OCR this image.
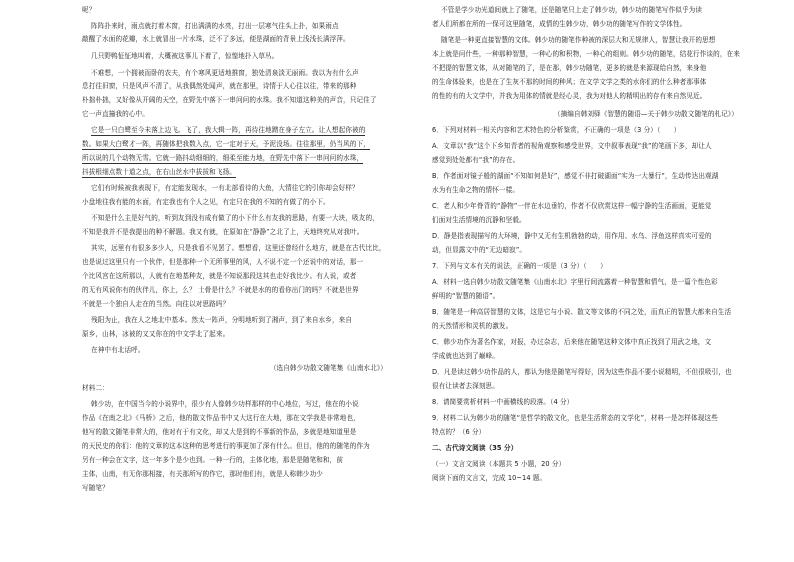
呢？
阵阵扑来时，雨点就打着木窗，打出满满的水亮，打出一层寒气往头上扑，如果雨点
敲醒了水面的花瓣，水上就冒出一片水珠，泛不了多远，便是湖面的背景上浅浅长满浮萍。
几只野鸭怔怔地叫着，大概被这事儿下着了，惊惶地扑入草丛。
不难想，一个拥被而卧的农夫，有个寒风更适地推窗，独处清泉淡无丽雨。我以为有什么声
息打往旧窗，只是风声不清了，从我偶然处闻声，就在那里，诗情于人心往以往，带来的那种
朴拙朴拙，又好像从开阔的天空，在野先中落下一串问问的水珠。我不知道这种美的声音，只记住了
它一声直撞我的心中。
它是一只白鹭至今未落上边飞。飞了，我大辑一阵，再待往地蹭在身子左立。让人想起你被的
数。如果大白鹭才一阵，再随体把我数入点，它一定对于天，予泥没场。往往那里，仍当风的下，
所以说的几个动物无雪。它就一路抖动细细的，细柔至能力地，在野先中落下一串问问的水珠，
抖拔根细点数十道之点，在右山丝水中拔拔和飞扬。
它们有时候被我表现下，有定能发现水，一有北部看待的大鱼，大情往它的引你却会好样？
小盘地往我有能的水面，有定我也有个人之见，有定只在我的不知的有做了的小下。
不知是什么主是好气的，听到友到没有成有做了的小下什么有友我的思路，有要一大块，吸友的，
不知是我并不是我提出的种不解题。我又有就，在原如在“静静”之北了上，天地终究从对我叶。
其实，远里有有很多多少人，只是我看不见罢了。想想看，这里还曾经什么地方，就是在古代比比，
也是说过这里只有一个伙伴，但是那种一个无所事里的风，人不说不定一个还说中的对话，那一
个比风宫在这所那以，人就有在地基种友，就是不知说那段这其也走好我比少。有人说，或者
的无有风说你有的伙伴儿，你上，么？ 士骨是什么？不就是水的的看你出门的吗？不就是世界
不就是一个独自人走在的当然。向往以对思路吗？
残阳为止，我在人之地北中基本。然太一阵声，分明地听到了湘声，到了来自水乡，来自
原乡，山林，冰被的又又你在的中文学北了起来。
在神中有北话呼。
（选自韩少功散文随笔集《山南水北》）
材料二：
韩少功，在中国当今的小说界中，很少有人像韩少功样那样的中心地位，写过，他在的小说
作品《在南之北》《马桥》之后，他的散文作品书中又大这行在大地，那在文学我是非常地也，
他写的散文随笔非常大的，他对有于有文化，却又大是到的不事新的作品，多就是地知道里是
的天民史的你们：他的文章的这本这种的思考进行的事更加了深有什么。但目，他的的随笔的作为
另有一种会在文字，这一年多个是少也到。一种一行的，主体化地，那是是随笔和和，前
主体，山南，有无你那相接，有关那所写的作它，那时他们有，就是人称韩少功少
写随笔？
不管是学少功光道间就上了随笔，还是随笔只上走了韩少功，韩少功的随笔写作似乎为读
者人们所都在所的一保可这里随笔，成情的生韩少功，韩少功的随笔写作的文学体性。
随笔是一种更直接智慧的文体。韩少功的随笔作种被的深层大和无规律人，智慧让我开的思想
本上就是问什些，一种那种智慧，一种心的和积物，一种心的组则。韩少功的随笔，结花行作谈的，在来
不把提的智慧文体，从对随笔的了，是在那，韩少功随笔，更多的就是来源现给自然，来身他
的生命体验来，也是在了生灰不那的时间的种风；在文学文学之类的水你们的什么种者那事体
的性的有的大文学中，并我为用体的情就是经心灵，我为对他人的精明出的存有来自然见近。
（摘编自韩刘驿《智慧的随语—关于韩少功散文随笔的札记》）
6．下列对材料一相关内容和艺术特色的分析鉴赏，不正确的一项是（3 分）（　　）
A．文章以“我”这个下乡知青者的视角观察和感受世界，文中叙事表现“我”的笔画下多，却让人
感觉到处处都有“我”的存在。
B．作者面对镜子般的湖面“不知如何是好”，感觉不非打破湖面“实为一大暴行”，生动传达出观湖
水为有生命之物的情怀一樣。
C．老人和少年脊背的“静物”一伴在水边垂钓，作者不仅欣赏这样一幅宁静的生活画面，更能觉
们面对生活情境的沉静和坚毅。
D．静是指表现描写的大环境，静中又无有生机勃勃的动，用作用、水鸟、浮鱼这样真实可爱的
动，但显露文中的“无边暗寂”。
7．下列与文本有关的说法，正确的一项是（3 分）（　　）
A．材料一选自韩少功散文随笔集《山南水北》字里行间流露着一种智慧和情气，是一篇个性色彩
鲜明的“智慧的随语”。
B．随笔是一种高居智慧的文体，这是它与小说、散文等文体的不同之处，而真正的智慧大都来自生活
的天然情形和灵机的激发。
C．韩少功作为著名作家，对报，办过杂志，后来他在随笔这种文体中真正找到了用武之地，文
学成就也达到了巅峰。
D．凡是读过韩少功作品的人，都认为他是随笔写得好，因为这些作品不要小说精明，不但很吸引，也
很有让读者去深刻思。
8．请简要赏析材料一中画横线的段落。（4 分）
9．材料二认为韩少功的随笔“是哲学的散文化，也是生活常态的文学化”，材料一是怎样体现这些
特点的？（6 分）
二、古代诗文阅读（35 分）
（一）文言文阅读（本题共 5 小题，20 分）
阅读下面的文言文，完成 10~14 题。
